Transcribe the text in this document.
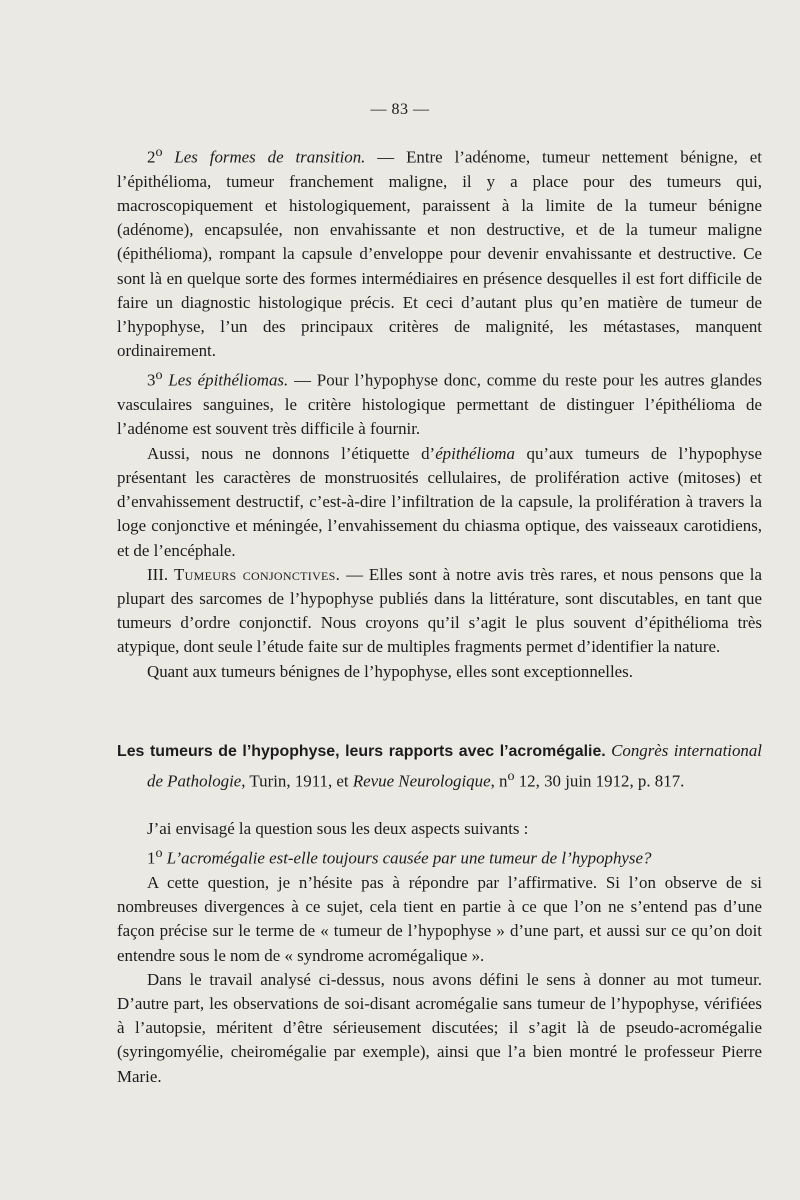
— 83 —

2$^o$ Les formes de transition. — Entre l’adénome, tumeur nettement bénigne, et l’épithélioma, tumeur franchement maligne, il y a place pour des tumeurs qui, macroscopiquement et histologiquement, paraissent à la limite de la tumeur bénigne (adénome), encapsulée, non envahissante et non destructive, et de la tumeur maligne (épithélioma), rompant la capsule d’enveloppe pour devenir envahissante et destructive. Ce sont là en quelque sorte des formes intermédiaires en présence desquelles il est fort difficile de faire un diagnostic histologique précis. Et ceci d’autant plus qu’en matière de tumeur de l’hypophyse, l’un des principaux critères de malignité, les métastases, manquent ordinairement.

3$^o$ Les épithéliomas. — Pour l’hypophyse donc, comme du reste pour les autres glandes vasculaires sanguines, le critère histologique permettant de distinguer l’épithélioma de l’adénome est souvent très difficile à fournir.

Aussi, nous ne donnons l’étiquette d’épithélioma qu’aux tumeurs de l’hypophyse présentant les caractères de monstruosités cellulaires, de prolifération active (mitoses) et d’envahissement destructif, c’est-à-dire l’infiltration de la capsule, la prolifération à travers la loge conjonctive et méningée, l’envahissement du chiasma optique, des vaisseaux carotidiens, et de l’encéphale.

III. Tumeurs conjonctives. — Elles sont à notre avis très rares, et nous pensons que la plupart des sarcomes de l’hypophyse publiés dans la littérature, sont discutables, en tant que tumeurs d’ordre conjonctif. Nous croyons qu’il s’agit le plus souvent d’épithélioma très atypique, dont seule l’étude faite sur de multiples fragments permet d’identifier la nature.

Quant aux tumeurs bénignes de l’hypophyse, elles sont exceptionnelles.

Les tumeurs de l’hypophyse, leurs rapports avec l’acromégalie. Congrès international de Pathologie, Turin, 1911, et Revue Neurologique, $n^o$ 12, 30 juin 1912, p. 817.

J’ai envisagé la question sous les deux aspects suivants :

1$^o$ L’acromégalie est-elle toujours causée par une tumeur de l’hypophyse?

A cette question, je n’hésite pas à répondre par l’affirmative. Si l’on observe de si nombreuses divergences à ce sujet, cela tient en partie à ce que l’on ne s’entend pas d’une façon précise sur le terme de « tumeur de l’hypophyse » d’une part, et aussi sur ce qu’on doit entendre sous le nom de « syndrome acromégalique ».

Dans le travail analysé ci-dessus, nous avons défini le sens à donner au mot tumeur. D’autre part, les observations de soi-disant acromégalie sans tumeur de l’hypophyse, vérifiées à l’autopsie, méritent d’être sérieusement discutées; il s’agit là de pseudo-acromégalie (syringomyélie, cheiromégalie par exemple), ainsi que l’a bien montré le professeur Pierre Marie.
